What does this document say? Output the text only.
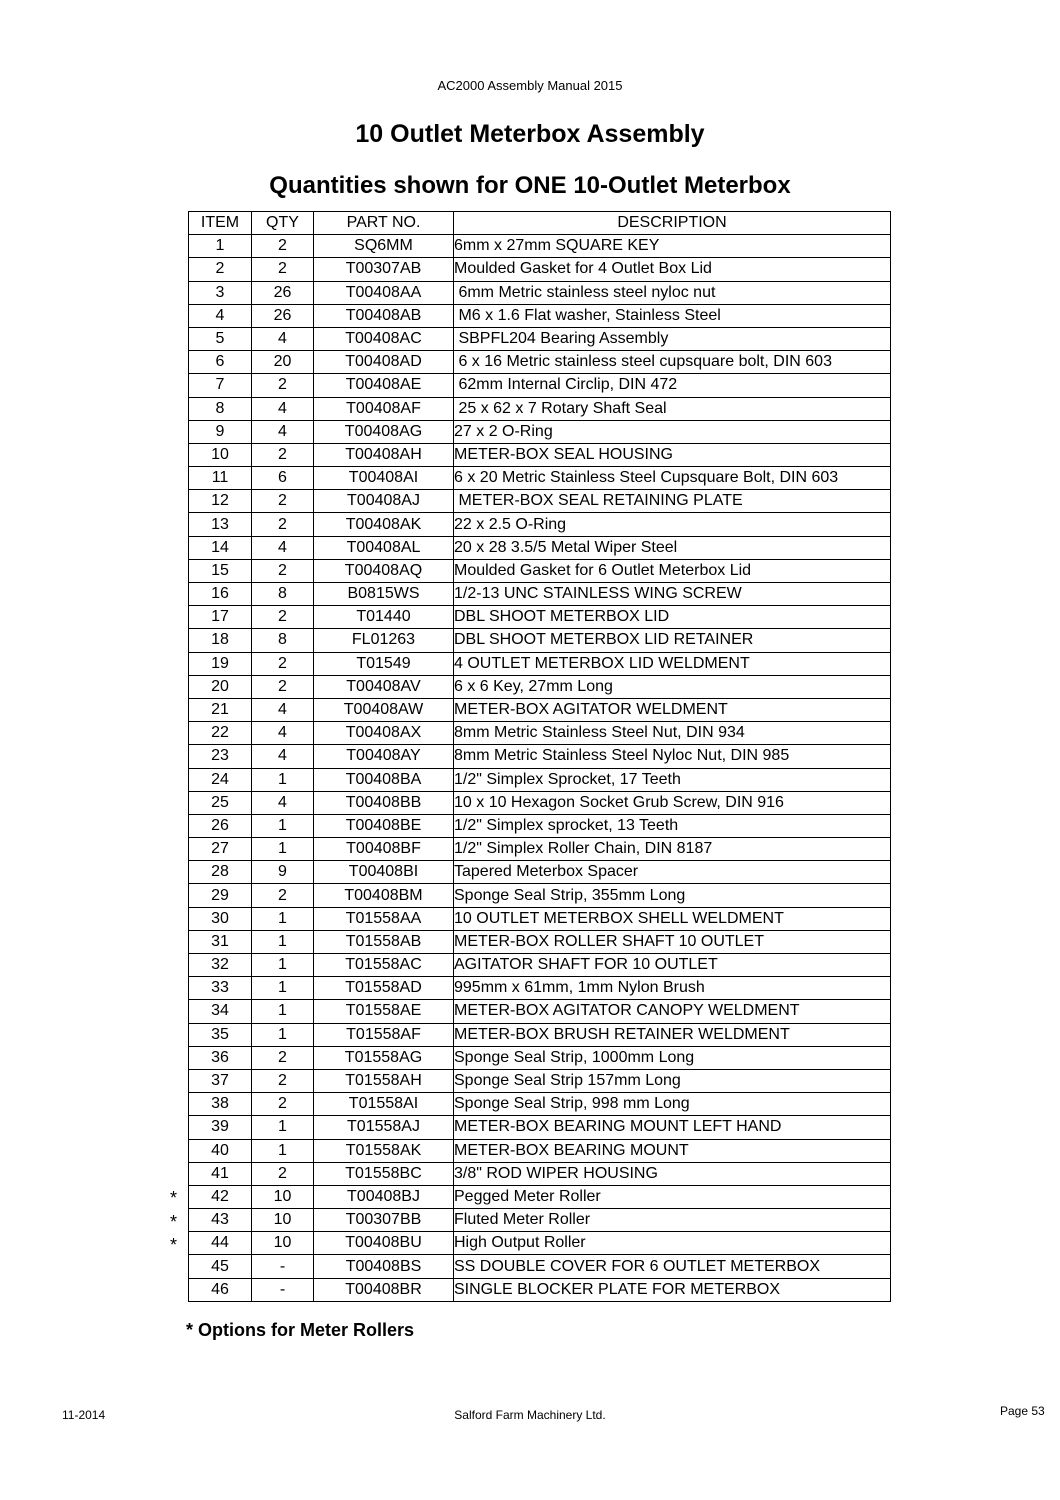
AC2000 Assembly Manual 2015
10 Outlet Meterbox Assembly
Quantities shown for ONE 10-Outlet Meterbox
ITEM	QTY	PART NO.	DESCRIPTION
1	2	SQ6MM	6mm x 27mm SQUARE KEY
2	2	T00307AB	Moulded Gasket for 4 Outlet Box Lid
3	26	T00408AA	6mm Metric stainless steel nyloc nut
4	26	T00408AB	M6 x 1.6 Flat washer, Stainless Steel
5	4	T00408AC	SBPFL204 Bearing Assembly
6	20	T00408AD	6 x 16 Metric stainless steel cupsquare bolt, DIN 603
7	2	T00408AE	62mm Internal Circlip, DIN 472
8	4	T00408AF	25 x 62 x 7 Rotary Shaft Seal
9	4	T00408AG	27 x 2 O-Ring
10	2	T00408AH	METER-BOX SEAL HOUSING
11	6	T00408AI	6 x 20 Metric Stainless Steel Cupsquare Bolt, DIN 603
12	2	T00408AJ	METER-BOX SEAL RETAINING PLATE
13	2	T00408AK	22 x 2.5 O-Ring
14	4	T00408AL	20 x 28 3.5/5 Metal Wiper Steel
15	2	T00408AQ	Moulded Gasket for 6 Outlet Meterbox Lid
16	8	B0815WS	1/2-13 UNC STAINLESS WING SCREW
17	2	T01440	DBL SHOOT METERBOX LID
18	8	FL01263	DBL SHOOT METERBOX LID RETAINER
19	2	T01549	4 OUTLET METERBOX LID WELDMENT
20	2	T00408AV	6 x 6 Key, 27mm Long
21	4	T00408AW	METER-BOX AGITATOR WELDMENT
22	4	T00408AX	8mm Metric Stainless Steel Nut, DIN 934
23	4	T00408AY	8mm Metric Stainless Steel Nyloc Nut, DIN 985
24	1	T00408BA	1/2" Simplex Sprocket, 17 Teeth
25	4	T00408BB	10 x 10 Hexagon Socket Grub Screw, DIN 916
26	1	T00408BE	1/2" Simplex sprocket, 13 Teeth
27	1	T00408BF	1/2" Simplex Roller Chain, DIN 8187
28	9	T00408BI	Tapered Meterbox Spacer
29	2	T00408BM	Sponge Seal Strip, 355mm Long
30	1	T01558AA	10 OUTLET METERBOX SHELL WELDMENT
31	1	T01558AB	METER-BOX ROLLER SHAFT 10 OUTLET
32	1	T01558AC	AGITATOR SHAFT FOR 10 OUTLET
33	1	T01558AD	995mm x 61mm, 1mm Nylon Brush
34	1	T01558AE	METER-BOX AGITATOR CANOPY WELDMENT
35	1	T01558AF	METER-BOX BRUSH RETAINER WELDMENT
36	2	T01558AG	Sponge Seal Strip, 1000mm Long
37	2	T01558AH	Sponge Seal Strip 157mm Long
38	2	T01558AI	Sponge Seal Strip, 998 mm Long
39	1	T01558AJ	METER-BOX BEARING MOUNT LEFT HAND
40	1	T01558AK	METER-BOX BEARING MOUNT
41	2	T01558BC	3/8" ROD WIPER HOUSING
42	10	T00408BJ	Pegged Meter Roller
43	10	T00307BB	Fluted Meter Roller
44	10	T00408BU	High Output Roller
45	-	T00408BS	SS DOUBLE COVER FOR 6 OUTLET METERBOX
46	-	T00408BR	SINGLE BLOCKER PLATE FOR METERBOX
*
*
*
* Options for Meter Rollers
11-2014	Salford Farm Machinery Ltd.	Page 53
